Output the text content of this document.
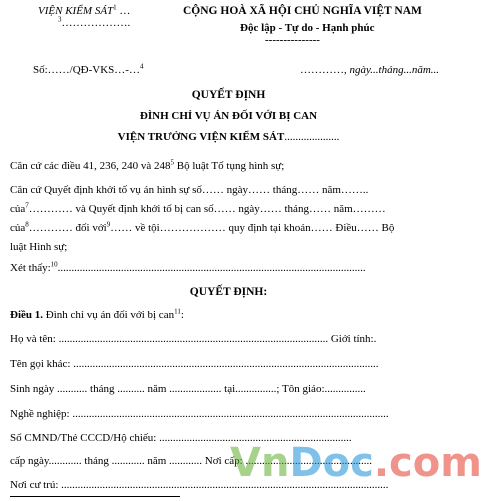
VIỆN KIỂM SÁT$^1$ …
$^3$……………….
CỘNG HOÀ XÃ HỘI CHỦ NGHĨA VIỆT NAM
Độc lập - Tự do - Hạnh phúc
---------------
Số:……/QĐ-VKS…-…$^4$	…………, ngày...tháng...năm...
QUYẾT ĐỊNH
ĐÌNH CHỈ VỤ ÁN ĐỐI VỚI BỊ CAN
VIỆN TRƯỞNG VIỆN KIỂM SÁT....................
Căn cứ các điều 41, 236, 240 và $248^5$ Bộ luật Tố tụng hình sự;
Căn cứ Quyết định khởi tố vụ án hình sự số…… ngày…… tháng…… năm……..
của$^7$………… và Quyết định khởi tố bị can số…… ngày…… tháng…… năm………
của$^8$………… đối với$^9$…… về tội……………… quy định tại khoản…… Điều…… Bộ
luật Hình sự;
Xét thấy:$^{10}$................................................................................................................
QUYẾT ĐỊNH:
Điều 1. Đình chỉ vụ án đối với bị can$^{11}$:
Họ và tên: .................................................................................................. Giới tính:.
Tên gọi khác: ...............................................................................................................
Sinh ngày ........... tháng .......... năm ................... tại...............; Tôn giáo:...............
Nghề nghiệp: ...................................................................................................................
Số CMND/Thẻ CCCD/Hộ chiếu: ......................................................................
cấp ngày............ tháng ............ năm ............ Nơi cấp: ..............................................
Nơi cư trú: .......................................................................................................................
VnDoc.com
